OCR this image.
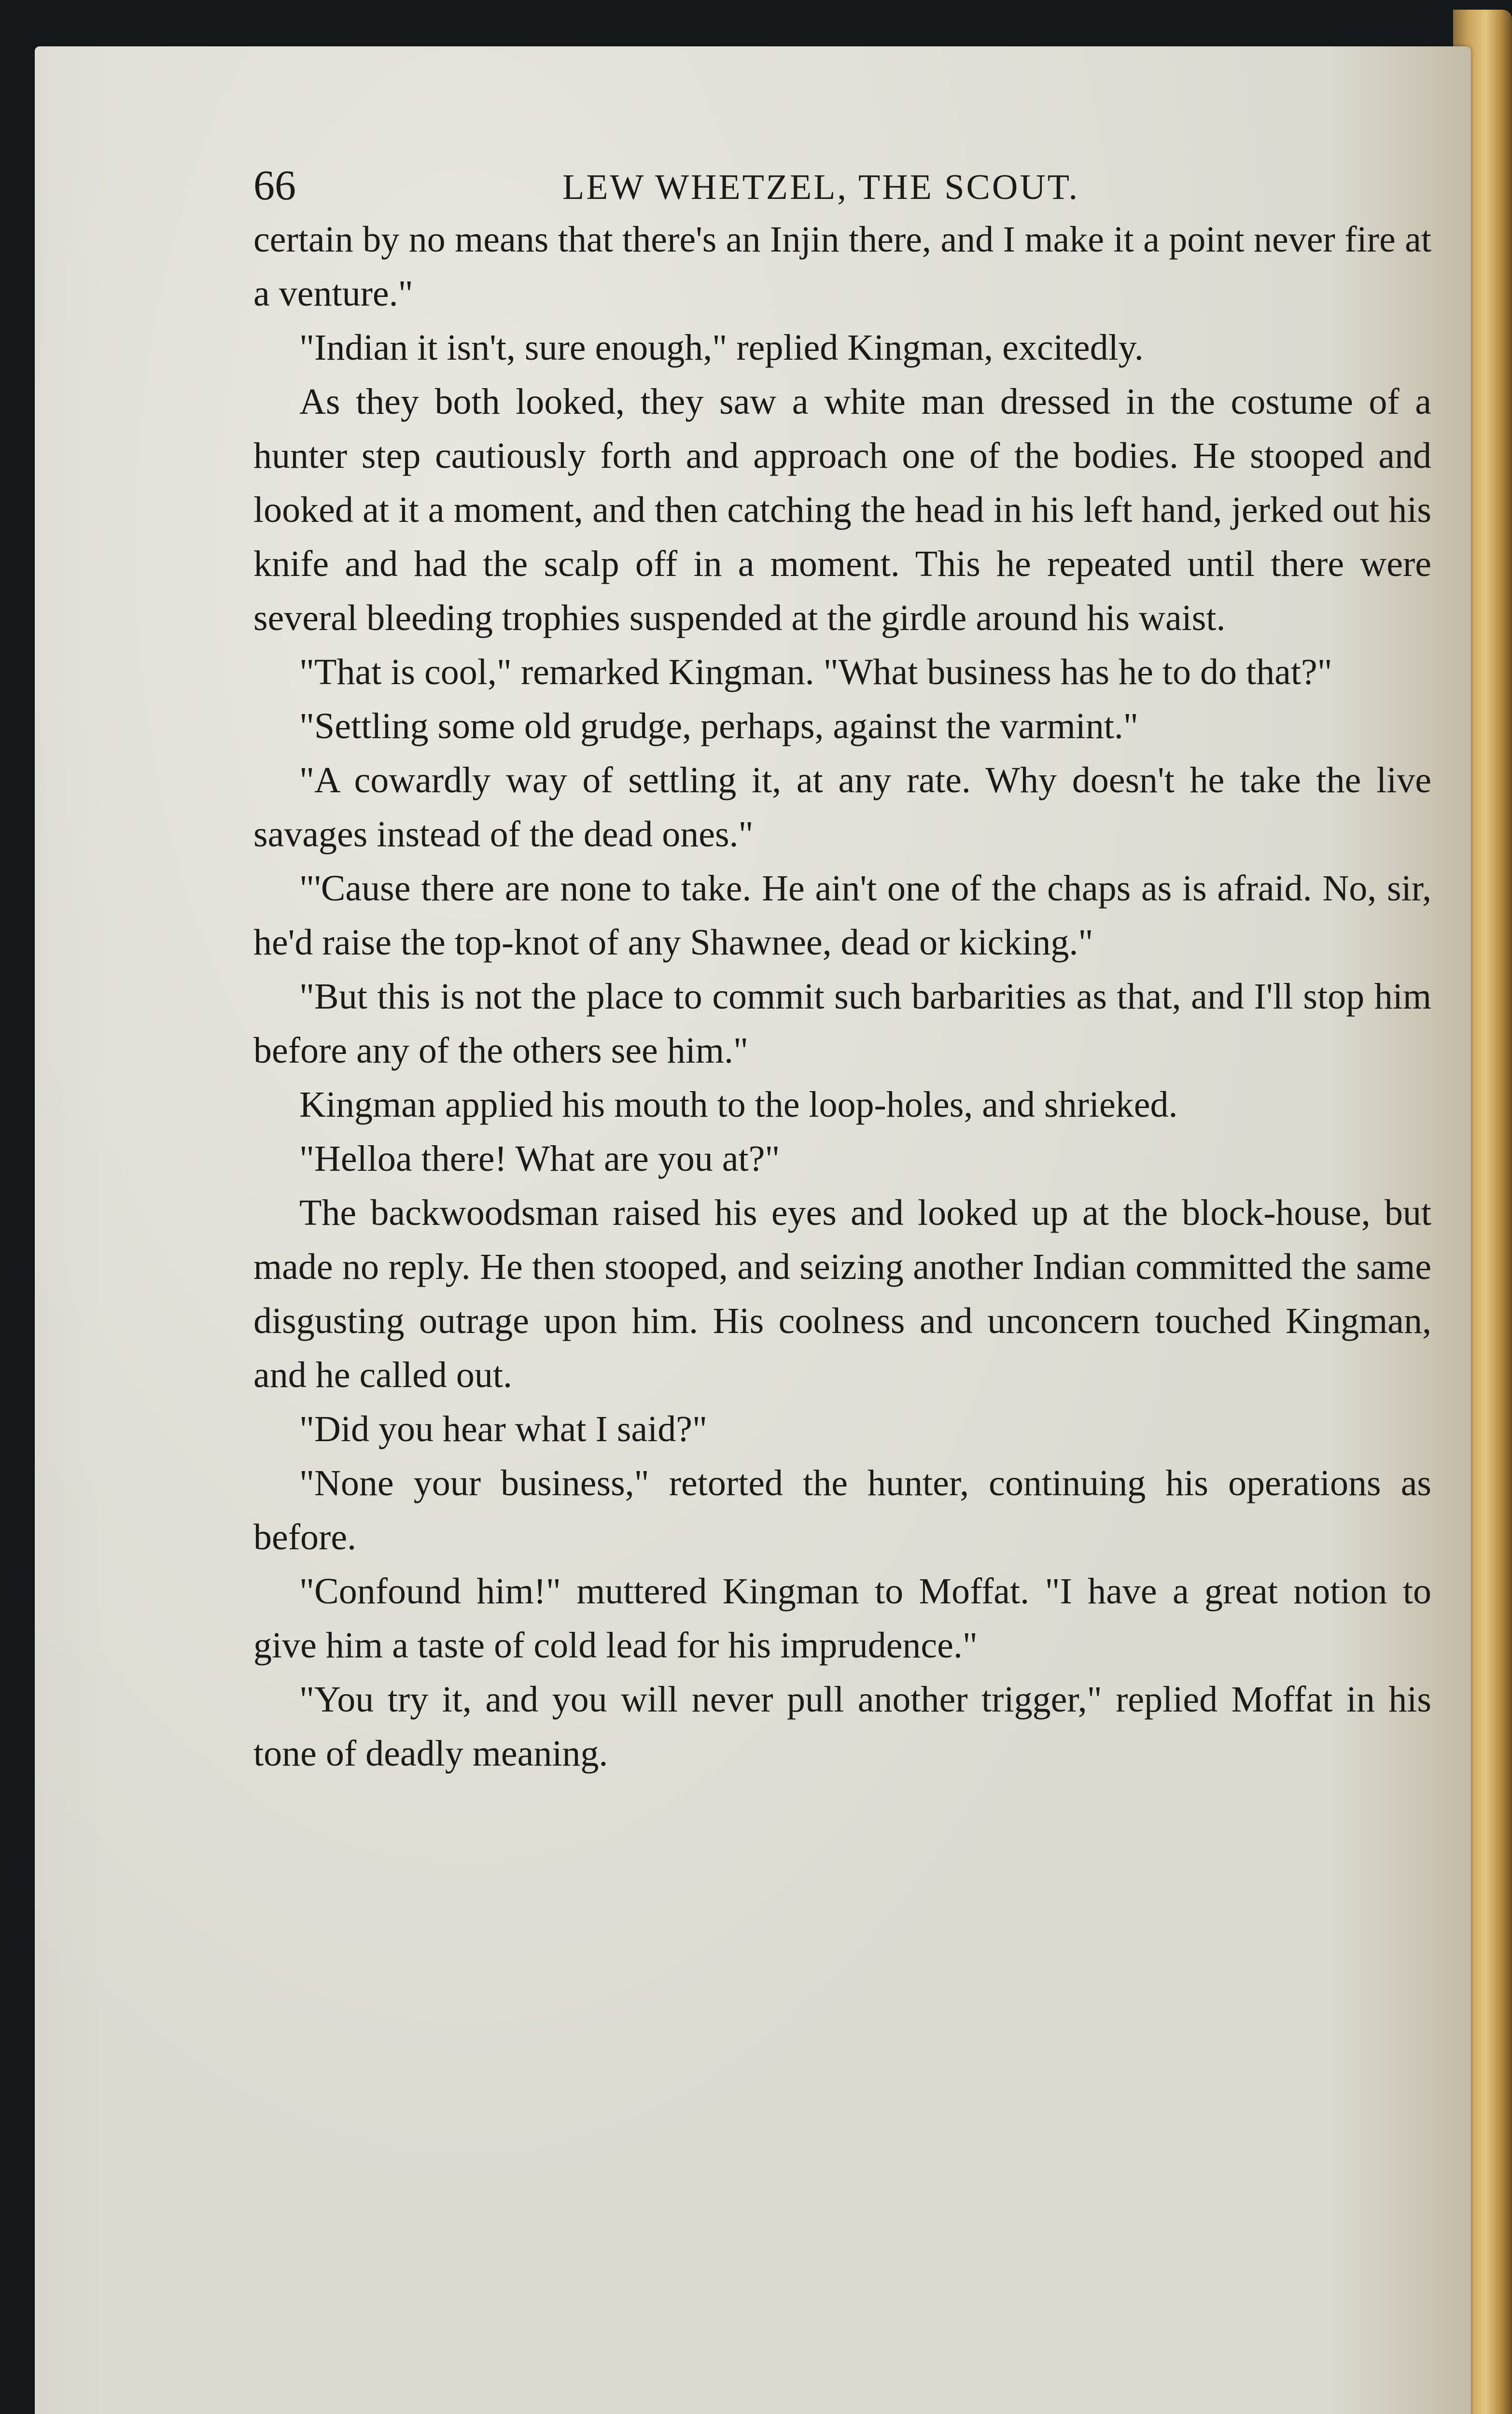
66	LEW WHETZEL, THE SCOUT.

certain by no means that there's an Injin there, and I make it a point never fire at a venture."

"Indian it isn't, sure enough," replied Kingman, excitedly.

As they both looked, they saw a white man dressed in the costume of a hunter step cautiously forth and approach one of the bodies. He stooped and looked at it a moment, and then catching the head in his left hand, jerked out his knife and had the scalp off in a moment. This he repeated until there were several bleeding trophies suspended at the girdle around his waist.

"That is cool," remarked Kingman. "What business has he to do that?"

"Settling some old grudge, perhaps, against the varmint."

"A cowardly way of settling it, at any rate. Why doesn't he take the live savages instead of the dead ones."

"'Cause there are none to take. He ain't one of the chaps as is afraid. No, sir, he'd raise the top-knot of any Shawnee, dead or kicking."

"But this is not the place to commit such barbarities as that, and I'll stop him before any of the others see him."

Kingman applied his mouth to the loop-holes, and shrieked.

"Helloa there! What are you at?"

The backwoodsman raised his eyes and looked up at the block-house, but made no reply. He then stooped, and seizing another Indian committed the same disgusting outrage upon him. His coolness and unconcern touched Kingman, and he called out.

"Did you hear what I said?"

"None your business," retorted the hunter, continuing his operations as before.

"Confound him!" muttered Kingman to Moffat. "I have a great notion to give him a taste of cold lead for his imprudence."

"You try it, and you will never pull another trigger," replied Moffat in his tone of deadly meaning.
